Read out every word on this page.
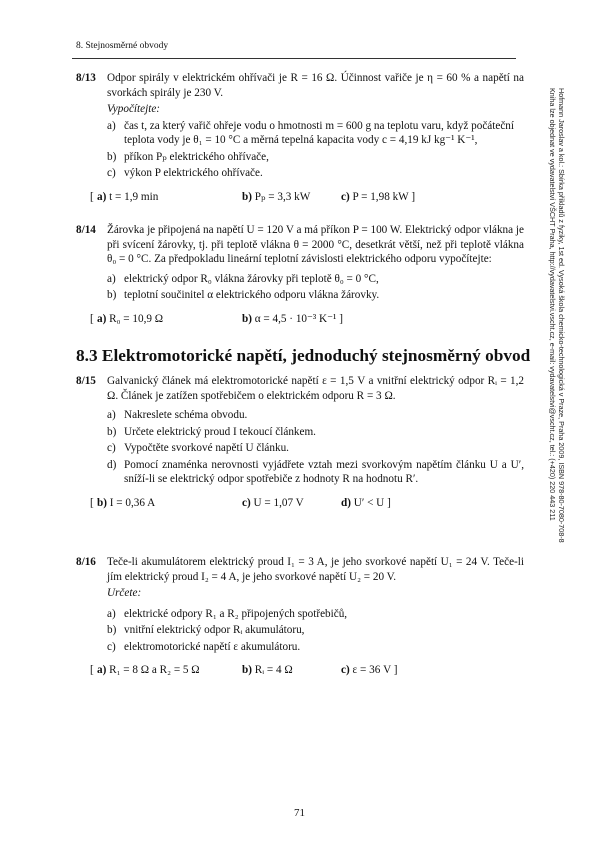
8. Stejnosměrné obvody
Hofmann Jaroslav a kol.: Sbírka příkladů z fyziky, 1st ed. Vysoká škola chemicko-technologická v Praze, Praha 2009, ISBN 978-80-7080-708-8
Kniha lze objednat ve vydavatelství VŠCHT Praha, http://vydavatelstvi.vscht.cz, e-mail: vydavatelstvi@vscht.cz, tel.: (+420) 220 443 211
8/13 Odpor spirály v elektrickém ohřívači je R = 16 Ω. Účinnost vařiče je η = 60 % a napětí na svorkách spirály je 230 V.

Vypočítejte:
a) čas t, za který vařič ohřeje vodu o hmotnosti m = 600 g na teplotu varu, když počáteční teplota vody je θ₁ = 10 °C a měrná tepelná kapacita vody c = 4,19 kJ kg⁻¹ K⁻¹,
b) příkon Pₚ elektrického ohřívače,
c) výkon P elektrického ohřívače.
[ a) t = 1,9 min	b) Pₚ = 3,3 kW	c) P = 1,98 kW ]
8/14 Žárovka je připojená na napětí U = 120 V a má příkon P = 100 W. Elektrický odpor vlákna je při svícení žárovky, tj. při teplotě vlákna θ = 2000 °C, desetkrát větší, než při teplotě vlákna θ₀ = 0 °C. Za předpokladu lineární teplotní závislosti elektrického odporu vypočítejte:

a) elektrický odpor R₀ vlákna žárovky při teplotě θ₀ = 0 °C,
b) teplotní součinitel α elektrického odporu vlákna žárovky.
[ a) R₀ = 10,9 Ω	b) α = 4,5 · 10⁻³ K⁻¹ ]
8.3 Elektromotorické napětí, jednoduchý stejnosměrný obvod
8/15 Galvanický článek má elektromotorické napětí ε = 1,5 V a vnitřní elektrický odpor Rᵢ = 1,2 Ω. Článek je zatížen spotřebičem o elektrickém odporu R = 3 Ω.

a) Nakreslete schéma obvodu.
b) Určete elektrický proud I tekoucí článkem.
c) Vypočtěte svorkové napětí U článku.
d) Pomocí znaménka nerovnosti vyjádřete vztah mezi svorkovým napětím článku U a U′, sníží-li se elektrický odpor spotřebiče z hodnoty R na hodnotu R′.
[ b) I = 0,36 A	c) U = 1,07 V	d) U′ < U ]
8/16 Teče-li akumulátorem elektrický proud I₁ = 3 A, je jeho svorkové napětí U₁ = 24 V. Teče-li jím elektrický proud I₂ = 4 A, je jeho svorkové napětí U₂ = 20 V.

Určete:
a) elektrické odpory R₁ a R₂ připojených spotřebičů,
b) vnitřní elektrický odpor Rᵢ akumulátoru,
c) elektromotorické napětí ε akumulátoru.
[ a) R₁ = 8 Ω a R₂ = 5 Ω	b) Rᵢ = 4 Ω	c) ε = 36 V ]
71
